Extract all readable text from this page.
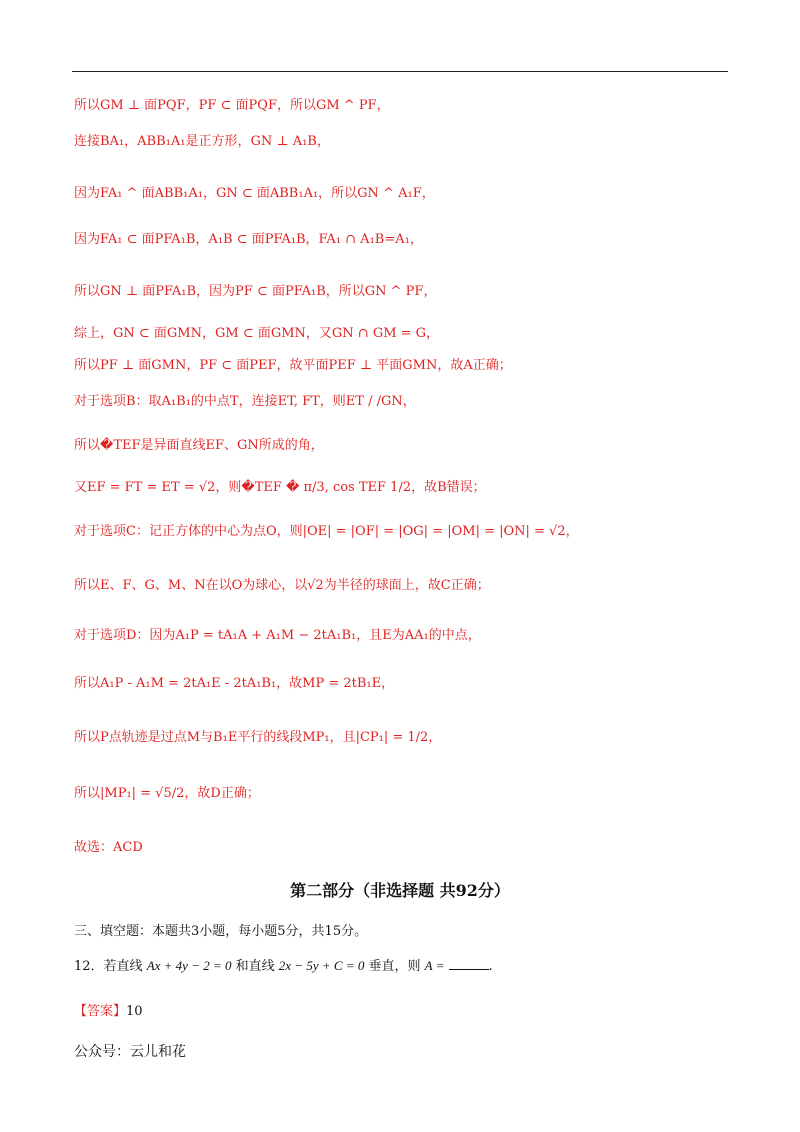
所以GM ⊥ 面PQF，PF ⊂ 面PQF，所以GM ^ PF，
连接BA₁，ABB₁A₁是正方形，GN ⊥ A₁B，
因为FA₁ ^ 面ABB₁A₁，GN ⊂ 面ABB₁A₁，所以GN ^ A₁F，
因为FA₁ ⊂ 面PFA₁B，A₁B ⊂ 面PFA₁B，FA₁ ∩ A₁B=A₁，
所以GN ⊥ 面PFA₁B，因为PF ⊂ 面PFA₁B，所以GN ^ PF，
综上，GN ⊂ 面GMN，GM ⊂ 面GMN，又GN ∩ GM = G，
所以PF ⊥ 面GMN，PF ⊂ 面PEF，故平面PEF ⊥ 平面GMN，故A正确；
对于选项B：取A₁B₁的中点T，连接ET, FT，则ET / /GN，
所以�TEF是异面直线EF、GN所成的角，
又EF = FT = ET = √2，则�TEF � π/3, cos TEF 1/2，故B错误；
对于选项C：记正方体的中心为点O，则|OE| = |OF| = |OG| = |OM| = |ON| = √2，
所以E、F、G、M、N在以O为球心，以√2为半径的球面上，故C正确；
对于选项D：因为A₁P = tA₁A + A₁M − 2tA₁B₁，且E为AA₁的中点，
所以A₁P - A₁M = 2tA₁E - 2tA₁B₁，故MP = 2tB₁E，
所以P点轨迹是过点M与B₁E平行的线段MP₁，且|CP₁| = 1/2，
所以|MP₁| = √5/2，故D正确；
故选：ACD
第二部分（非选择题 共92分）
三、填空题：本题共3小题，每小题5分，共15分。
12．若直线 Ax + 4y − 2 = 0 和直线 2x − 5y + C = 0 垂直，则 A =	.
【答案】10
公众号：云儿和花
